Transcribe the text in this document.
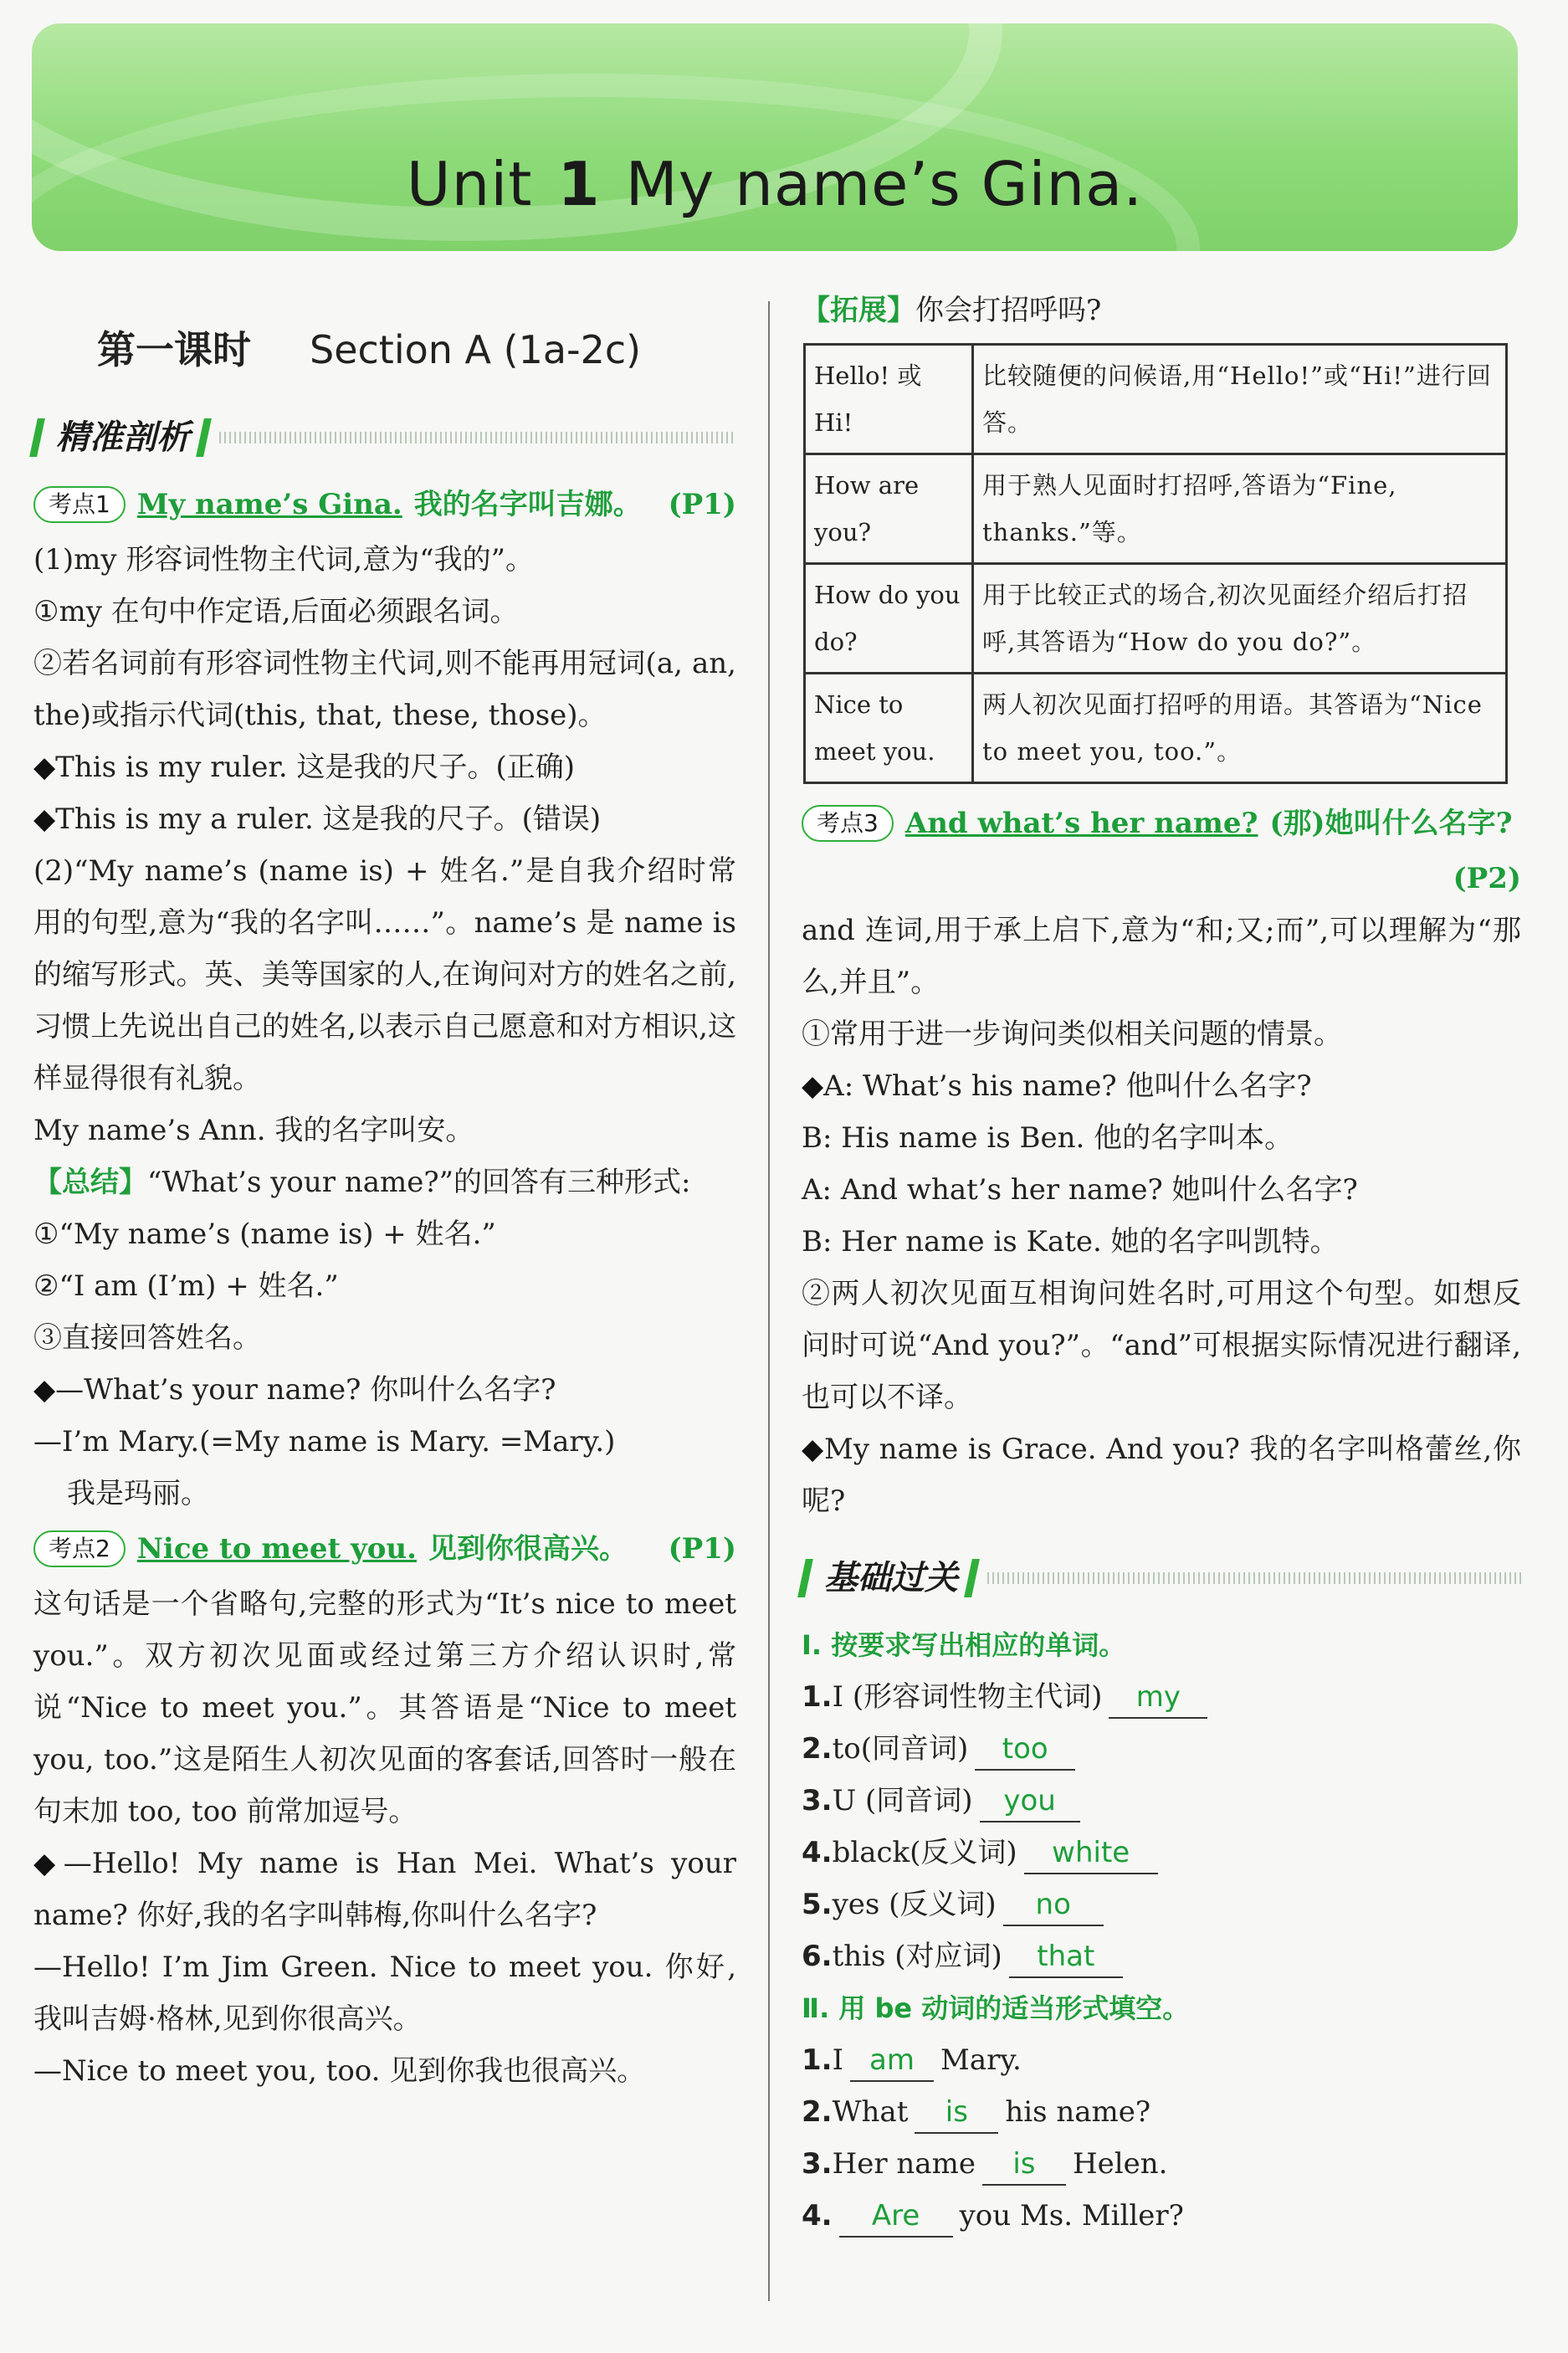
Unit 1 My name’s Gina.
第一课时 Section A (1a-2c)
精准剖析
考点1 My name’s Gina. 我的名字叫吉娜。 (P1)

(1)my 形容词性物主代词,意为“我的”。

①my 在句中作定语,后面必须跟名词。

②若名词前有形容词性物主代词,则不能再用冠词(a, an, the)或指示代词(this, that, these, those)。

◆ This is my ruler. 这是我的尺子。(正确)

◆ This is my a ruler. 这是我的尺子。(错误)

(2)“My name’s (name is) + 姓名.”是自我介绍时常用的句型,意为“我的名字叫……”。name’s 是 name is 的缩写形式。英、美等国家的人,在询问对方的姓名之前,习惯上先说出自己的姓名,以表示自己愿意和对方相识,这样显得很有礼貌。

My name’s Ann. 我的名字叫安。

【总结】“What’s your name?”的回答有三种形式:

①“My name’s (name is) + 姓名.”

②“I am (I’m) + 姓名.”

③直接回答姓名。

◆ —What’s your name? 你叫什么名字?

—I’m Mary.(=My name is Mary. =Mary.)

我是玛丽。

考点2 Nice to meet you. 见到你很高兴。 (P1)

这句话是一个省略句,完整的形式为“It’s nice to meet you.”。双方初次见面或经过第三方介绍认识时,常说“Nice to meet you.”。其答语是“Nice to meet you, too.”这是陌生人初次见面的客套话,回答时一般在句末加 too, too 前常加逗号。

◆ —Hello! My name is Han Mei. What’s your name? 你好,我的名字叫韩梅,你叫什么名字?

—Hello! I’m Jim Green. Nice to meet you. 你好,我叫吉姆·格林,见到你很高兴。

—Nice to meet you, too. 见到你我也很高兴。

【拓展】你会打招呼吗?

Hello! 或 Hi!	比较随便的问候语,用“Hello!”或“Hi!”进行回答。
How are you?	用于熟人见面时打招呼,答语为“Fine, thanks.”等。
How do you do?	用于比较正式的场合,初次见面经介绍后打招呼,其答语为“How do you do?”。
Nice to meet you.	两人初次见面打招呼的用语。其答语为“Nice to meet you, too.”。
考点3 And what’s her name? (那)她叫什么名字?
(P2)

and 连词,用于承上启下,意为“和;又;而”,可以理解为“那么,并且”。

①常用于进一步询问类似相关问题的情景。

◆ A: What’s his name? 他叫什么名字?

B: His name is Ben. 他的名字叫本。

A: And what’s her name? 她叫什么名字?

B: Her name is Kate. 她的名字叫凯特。

②两人初次见面互相询问姓名时,可用这个句型。如想反问时可说“And you?”。“and”可根据实际情况进行翻译,也可以不译。

◆ My name is Grace. And you? 我的名字叫格蕾丝,你呢?

基础过关

Ⅰ. 按要求写出相应的单词。

1. I (形容词性物主代词)	my
2. to(同音词)	too
3. U (同音词)	you
4. black(反义词)	white
5. yes (反义词)	no
6. this (对应词)	that

Ⅱ. 用 be 动词的适当形式填空。

1. I am Mary.
2. What	is	his name?
3. Her name	is	Helen.
4.	Are	you Ms. Miller?
